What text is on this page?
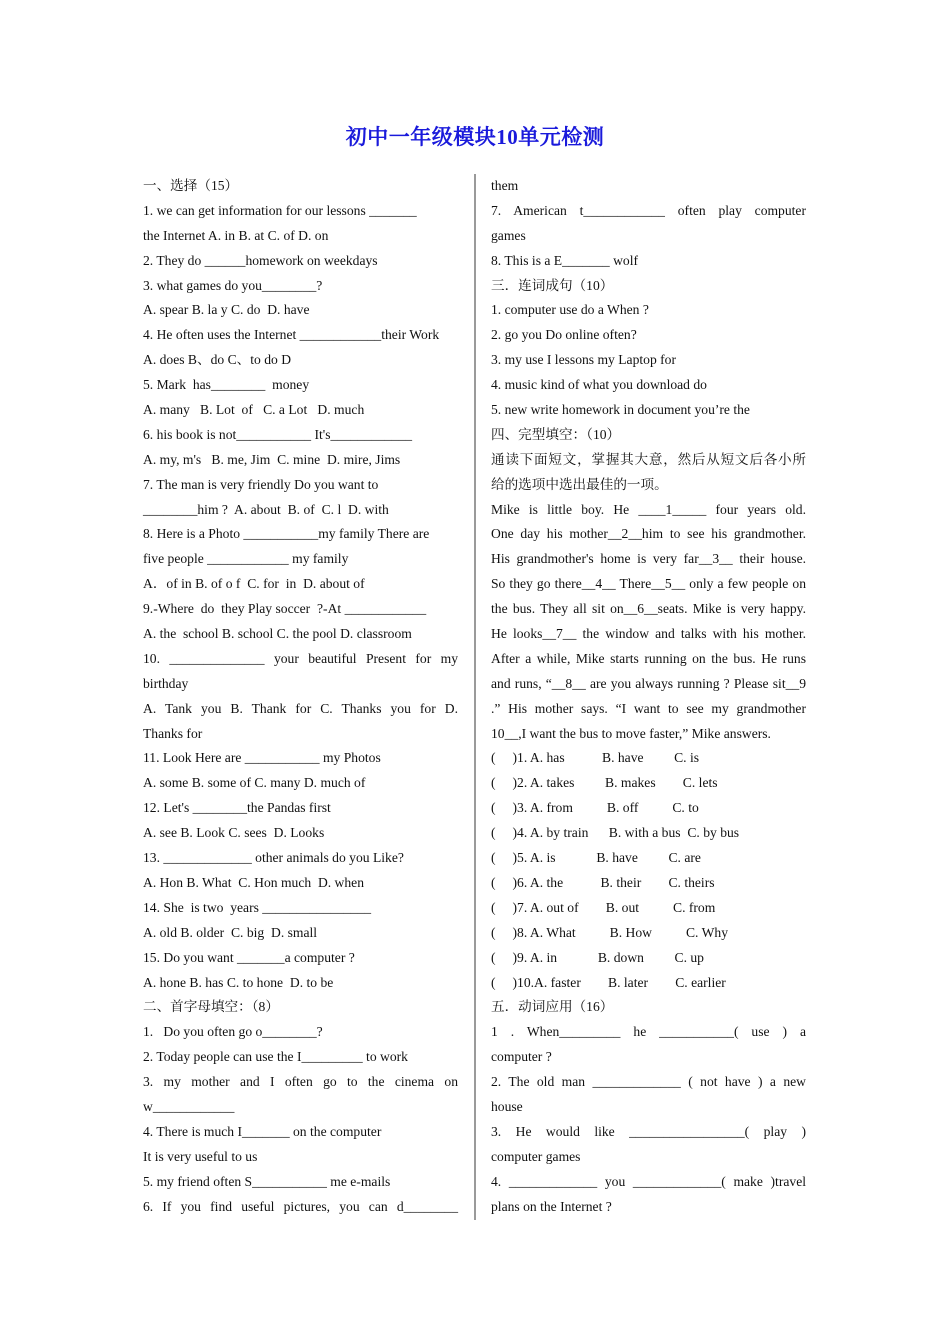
初中一年级模块10单元检测
一、选择（15）
1. we can get information for our lessons _______
the Internet A. in B. at C. of D. on
2. They do ______homework on weekdays
3. what games do you________?
A. spear B. la y C. do  D. have
4. He often uses the Internet ____________their Work
A. does B、do C、to do D
5. Mark  has________  money
A. many   B. Lot  of   C. a Lot   D. much
6. his book is not___________ It's____________
A. my, m's   B. me, Jim  C. mine  D. mire, Jims
7. The man is very friendly Do you want to
________him ?  A. about  B. of  C. l  D. with
8. Here is a Photo ___________my family There are
five people ____________ my family
A．of in B. of o f  C. for  in  D. about of
9.-Where  do  they Play soccer  ?-At ____________
A. the  school B. school C. the pool D. classroom
10. ______________ your beautiful Present for my
birthday
A. Tank you B. Thank for C. Thanks you for D.
Thanks for
11. Look Here are ___________ my Photos
A. some B. some of C. many D. much of
12. Let's ________the Pandas first
A. see B. Look C. sees  D. Looks
13. _____________ other animals do you Like?
A. Hon B. What  C. Hon much  D. when
14. She  is two  years ________________
A. old B. older  C. big  D. small
15. Do you want _______a computer ?
A. hone B. has C. to hone  D. to be
二、首字母填空：（8）
1.   Do you often go o________?
2. Today people can use the I_________ to work
3. my mother and I often go to the cinema on
w____________
4. There is much I_______ on the computer
It is very useful to us
5. my friend often S___________ me e-mails
6. If you find useful pictures, you can d________
them
7. American t____________ often play computer
games
8. This is a E_______ wolf
三．连词成句（10）
1. computer use do a When ?
2. go you Do online often?
3. my use I lessons my Laptop for
4. music kind of what you download do
5. new write homework in document you’re the
四、完型填空：（10）
通读下面短文，掌握其大意，然后从短文后各小所
给的选项中选出最佳的一项。
Mike is little boy. He ____1_____ four years old.
One day his mother__2__him to see his grandmother.
His grandmother's home is very far__3__ their house.
So they go there__4__ There__5__ only a few people on
the bus. They all sit on__6__seats. Mike is very happy.
He looks__7__ the window and talks with his mother.
After a while, Mike starts running on the bus. He runs
and runs, “__8__ are you always running ? Please sit__9
.” His mother says. “I want to see my grandmother
10__,I want the bus to move faster,” Mike answers.
(     )1. A. has           B. have         C. is
(     )2. A. takes         B. makes        C. lets
(     )3. A. from          B. off          C. to
(     )4. A. by train      B. with a bus  C. by bus
(     )5. A. is            B. have         C. are
(     )6. A. the           B. their        C. theirs
(     )7. A. out of        B. out          C. from
(     )8. A. What          B. How          C. Why
(     )9. A. in            B. down         C. up
(     )10.A. faster        B. later        C. earlier
五．动词应用（16）
1 . When_________ he ___________( use ) a
computer ?
2. The old man _____________ ( not have ) a new
house
3. He would like _________________( play )
computer games
4. _____________ you _____________( make )travel
plans on the Internet ?
